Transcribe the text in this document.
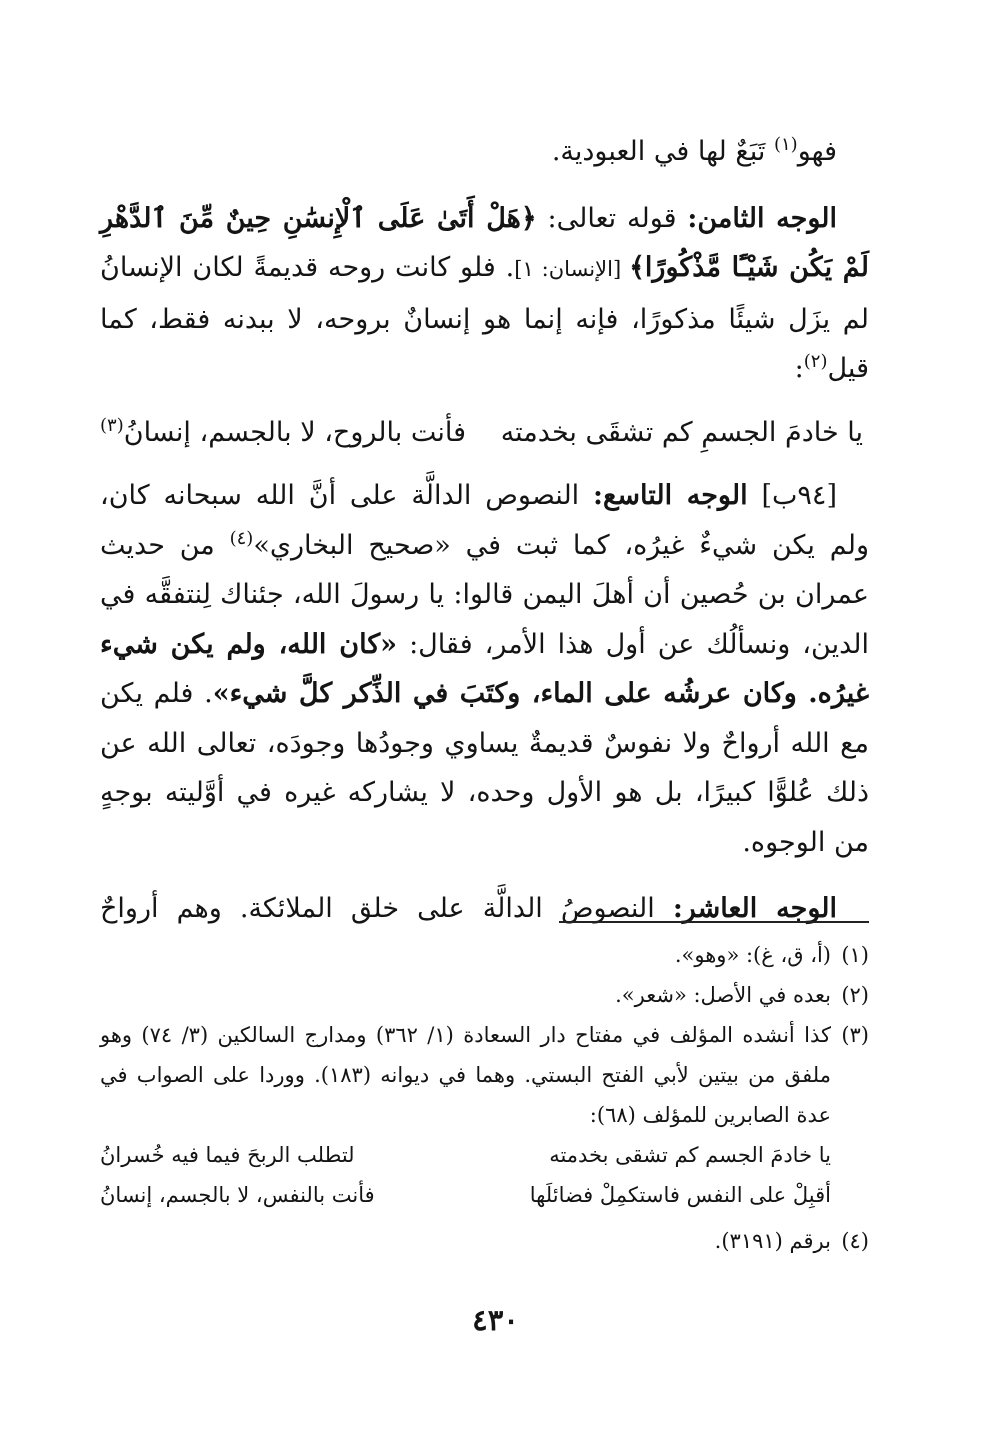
فهو$^{(١)}$ تَبَعٌ لها في العبودية.

الوجه الثامن: قوله تعالى: ﴿هَلْ أَتَىٰ عَلَى ٱلْإِنسَٰنِ حِينٌ مِّنَ ٱلدَّهْرِ لَمْ يَكُن شَيْـًٔا مَّذْكُورًا﴾ [الإنسان: ١]. فلو كانت روحه قديمةً لكان الإنسانُ لم يزَل شيئًا مذكورًا، فإنه إنما هو إنسانٌ بروحه، لا ببدنه فقط، كما قيل$^{(٢)}$:

يا خادمَ الجسمِ كم تشقَى بخدمته
فأنت بالروح، لا بالجسم، إنسانُ$^{(٣)}$

[٩٤ب] الوجه التاسع: النصوص الدالَّة على أنَّ الله سبحانه كان، ولم يكن شيءٌ غيرُه، كما ثبت في «صحيح البخاري»$^{(٤)}$ من حديث عمران بن حُصين أن أهلَ اليمن قالوا: يا رسولَ الله، جئناك لِنتفقَّه في الدين، ونسألُك عن أول هذا الأمر، فقال: «كان الله، ولم يكن شيء غيرُه. وكان عرشُه على الماء، وكتَبَ في الذِّكر كلَّ شيء». فلم يكن مع الله أرواحٌ ولا نفوسٌ قديمةٌ يساوي وجودُها وجودَه، تعالى الله عن ذلك عُلوًّا كبيرًا، بل هو الأول وحده، لا يشاركه غيره في أوَّليته بوجهٍ من الوجوه.

الوجه العاشر: النصوصُ الدالَّة على خلق الملائكة. وهم أرواحٌ

(١)
(أ، ق، غ): «وهو».
(٢)
بعده في الأصل: «شعر».
(٣)
كذا أنشده المؤلف في مفتاح دار السعادة (١/ ٣٦٢) ومدارج السالكين (٣/ ٧٤) وهو ملفق من بيتين لأبي الفتح البستي. وهما في ديوانه (١٨٣). ووردا على الصواب في عدة الصابرين للمؤلف (٦٨):
يا خادمَ الجسم كم تشقى بخدمته
لتطلب الربحَ فيما فيه خُسرانُ
أقبِلْ على النفس فاستكمِلْ فضائلَها
فأنت بالنفس، لا بالجسم، إنسانُ
(٤)
برقم (٣١٩١).
٤٣٠
